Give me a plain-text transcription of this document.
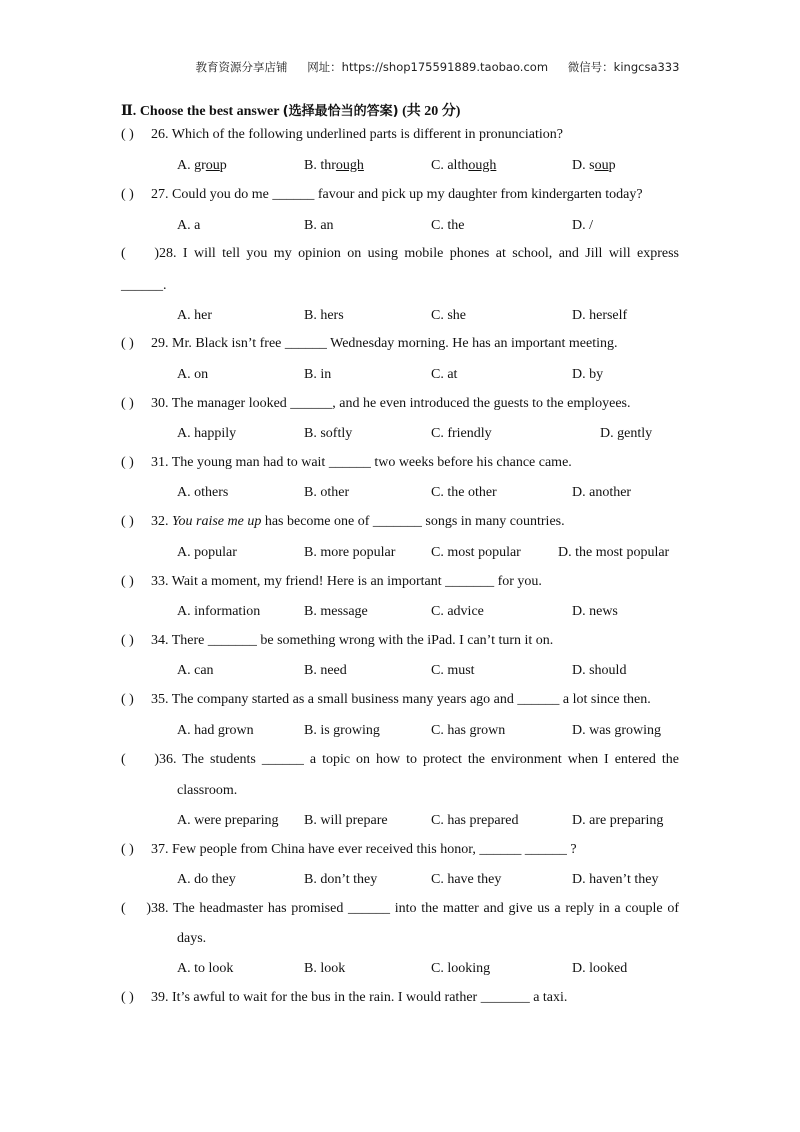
教育资源分享店铺 网址：https://shop175591889.taobao.com 微信号：kingcsa333
Ⅱ. Choose the best answer (选择最恰当的答案) (共 20 分)
( ) 26. Which of the following underlined parts is different in pronunciation?
A. group	B. through	C. although	D. soup
( ) 27. Could you do me ______ favour and pick up my daughter from kindergarten today?
A. a	B. an	C. the	D. /
( )28. I will tell you my opinion on using mobile phones at school, and Jill will express
______.
A. her	B. hers	C. she	D. herself
( ) 29. Mr. Black isn’t free ______ Wednesday morning. He has an important meeting.
A. on	B. in	C. at	D. by
( ) 30. The manager looked ______, and he even introduced the guests to the employees.
A. happily	B. softly	C. friendly	D. gently
( ) 31. The young man had to wait ______ two weeks before his chance came.
A. others	B. other	C. the other	D. another
( ) 32. You raise me up has become one of _______ songs in many countries.
A. popular	B. more popular	C. most popular	D. the most popular
( ) 33. Wait a moment, my friend! Here is an important _______ for you.
A. information	B. message	C. advice	D. news
( ) 34. There _______ be something wrong with the iPad. I can’t turn it on.
A. can	B. need	C. must	D. should
( ) 35. The company started as a small business many years ago and ______ a lot since then.
A. had grown	B. is growing	C. has grown	D. was growing
( )36. The students ______ a topic on how to protect the environment when I entered the
classroom.
A. were preparing B. will prepare	C. has prepared	D. are preparing
( ) 37. Few people from China have ever received this honor, ______ ______ ?
A. do they	B. don’t they	C. have they	D. haven’t they
( )38. The headmaster has promised ______ into the matter and give us a reply in a couple of
days.
A. to look	B. look	C. looking	D. looked
( ) 39. It’s awful to wait for the bus in the rain. I would rather _______ a taxi.
